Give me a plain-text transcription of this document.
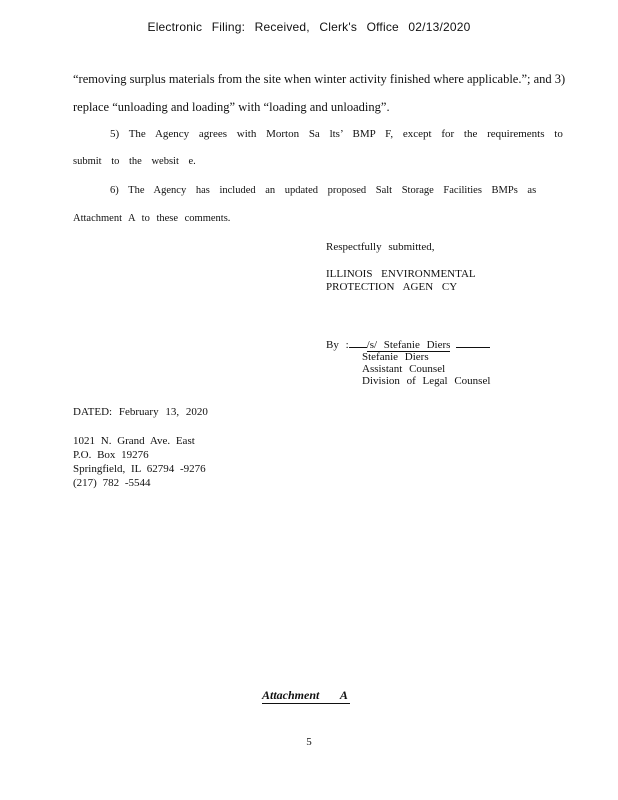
Electronic Filing: Received, Clerk's Office 02/13/2020
“removing surplus materials from the site when winter activity finished where applicable.”; and 3)
replace “unloading and loading” with “loading and unloading”.
5) The Agency agrees with Morton Sa lts’ BMP F, except for the requirements to
submit to the websit e.
6) The Agency has included an updated proposed Salt Storage Facilities BMPs as
Attachment A to these comments.
Respectfully submitted,
ILLINOIS ENVIRONMENTAL
PROTECTION AGEN CY
By : /s/ Stefanie Diers
Stefanie Diers
Assistant Counsel
Division of Legal Counsel
DATED: February 13, 2020
1021 N. Grand Ave. East
P.O. Box 19276
Springfield, IL 62794 -9276
(217) 782 -5544
Attachment A
5
